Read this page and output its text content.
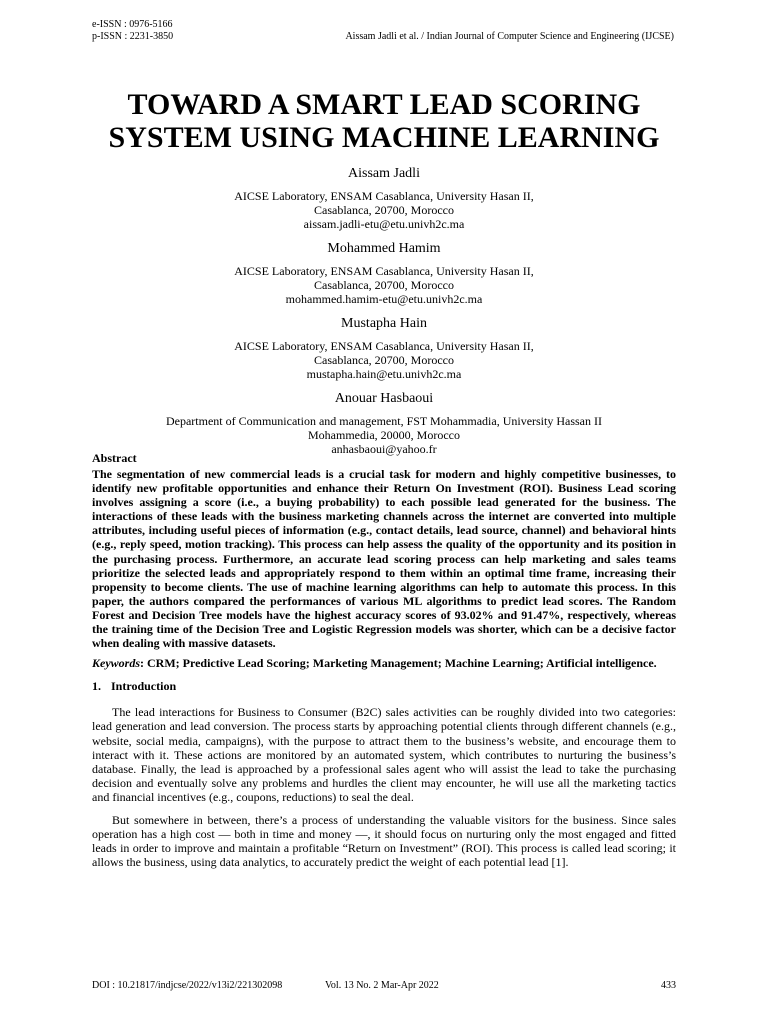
e-ISSN : 0976-5166
p-ISSN : 2231-3850	Aissam Jadli et al. / Indian Journal of Computer Science and Engineering (IJCSE)
TOWARD A SMART LEAD SCORING
SYSTEM USING MACHINE LEARNING
Aissam Jadli
AICSE Laboratory, ENSAM Casablanca, University Hasan II,
Casablanca, 20700, Morocco
aissam.jadli-etu@etu.univh2c.ma
Mohammed Hamim
AICSE Laboratory, ENSAM Casablanca, University Hasan II,
Casablanca, 20700, Morocco
mohammed.hamim-etu@etu.univh2c.ma
Mustapha Hain
AICSE Laboratory, ENSAM Casablanca, University Hasan II,
Casablanca, 20700, Morocco
mustapha.hain@etu.univh2c.ma
Anouar Hasbaoui
Department of Communication and management, FST Mohammadia, University Hassan II
Mohammedia, 20000, Morocco
anhasbaoui@yahoo.fr
Abstract

The segmentation of new commercial leads is a crucial task for modern and highly competitive businesses, to identify new profitable opportunities and enhance their Return On Investment (ROI). Business Lead scoring involves assigning a score (i.e., a buying probability) to each possible lead generated for the business. The interactions of these leads with the business marketing channels across the internet are converted into multiple attributes, including useful pieces of information (e.g., contact details, lead source, channel) and behavioral hints (e.g., reply speed, motion tracking). This process can help assess the quality of the opportunity and its position in the purchasing process. Furthermore, an accurate lead scoring process can help marketing and sales teams prioritize the selected leads and appropriately respond to them within an optimal time frame, increasing their propensity to become clients. The use of machine learning algorithms can help to automate this process. In this paper, the authors compared the performances of various ML algorithms to predict lead scores. The Random Forest and Decision Tree models have the highest accuracy scores of 93.02% and 91.47%, respectively, whereas the training time of the Decision Tree and Logistic Regression models was shorter, which can be a decisive factor when dealing with massive datasets.

Keywords: CRM; Predictive Lead Scoring; Marketing Management; Machine Learning; Artificial intelligence.

1. Introduction

The lead interactions for Business to Consumer (B2C) sales activities can be roughly divided into two categories: lead generation and lead conversion. The process starts by approaching potential clients through different channels (e.g., website, social media, campaigns), with the purpose to attract them to the business’s website, and encourage them to interact with it. These actions are monitored by an automated system, which contributes to nurturing the business’s database. Finally, the lead is approached by a professional sales agent who will assist the lead to take the purchasing decision and eventually solve any problems and hurdles the client may encounter, he will use all the marketing tactics and financial incentives (e.g., coupons, reductions) to seal the deal.

But somewhere in between, there’s a process of understanding the valuable visitors for the business. Since sales operation has a high cost — both in time and money —, it should focus on nurturing only the most engaged and fitted leads in order to improve and maintain a profitable “Return on Investment” (ROI). This process is called lead scoring; it allows the business, using data analytics, to accurately predict the weight of each potential lead [1].

DOI : 10.21817/indjcse/2022/v13i2/221302098	Vol. 13 No. 2 Mar-Apr 2022	433
